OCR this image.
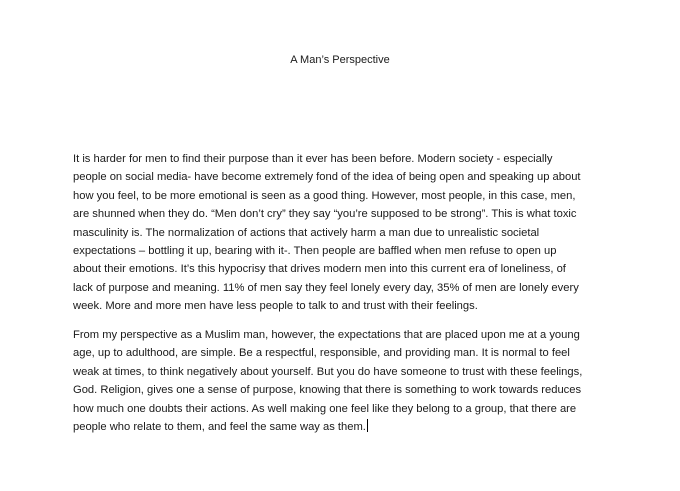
A Man’s Perspective

It is harder for men to find their purpose than it ever has been before. Modern society - especially
people on social media- have become extremely fond of the idea of being open and speaking up about
how you feel, to be more emotional is seen as a good thing. However, most people, in this case, men,
are shunned when they do. “Men don’t cry” they say “you’re supposed to be strong”. This is what toxic
masculinity is. The normalization of actions that actively harm a man due to unrealistic societal
expectations – bottling it up, bearing with it-. Then people are baffled when men refuse to open up
about their emotions. It’s this hypocrisy that drives modern men into this current era of loneliness, of
lack of purpose and meaning. 11% of men say they feel lonely every day, 35% of men are lonely every
week. More and more men have less people to talk to and trust with their feelings.

From my perspective as a Muslim man, however, the expectations that are placed upon me at a young
age, up to adulthood, are simple. Be a respectful, responsible, and providing man. It is normal to feel
weak at times, to think negatively about yourself. But you do have someone to trust with these feelings,
God. Religion, gives one a sense of purpose, knowing that there is something to work towards reduces
how much one doubts their actions. As well making one feel like they belong to a group, that there are
people who relate to them, and feel the same way as them.
